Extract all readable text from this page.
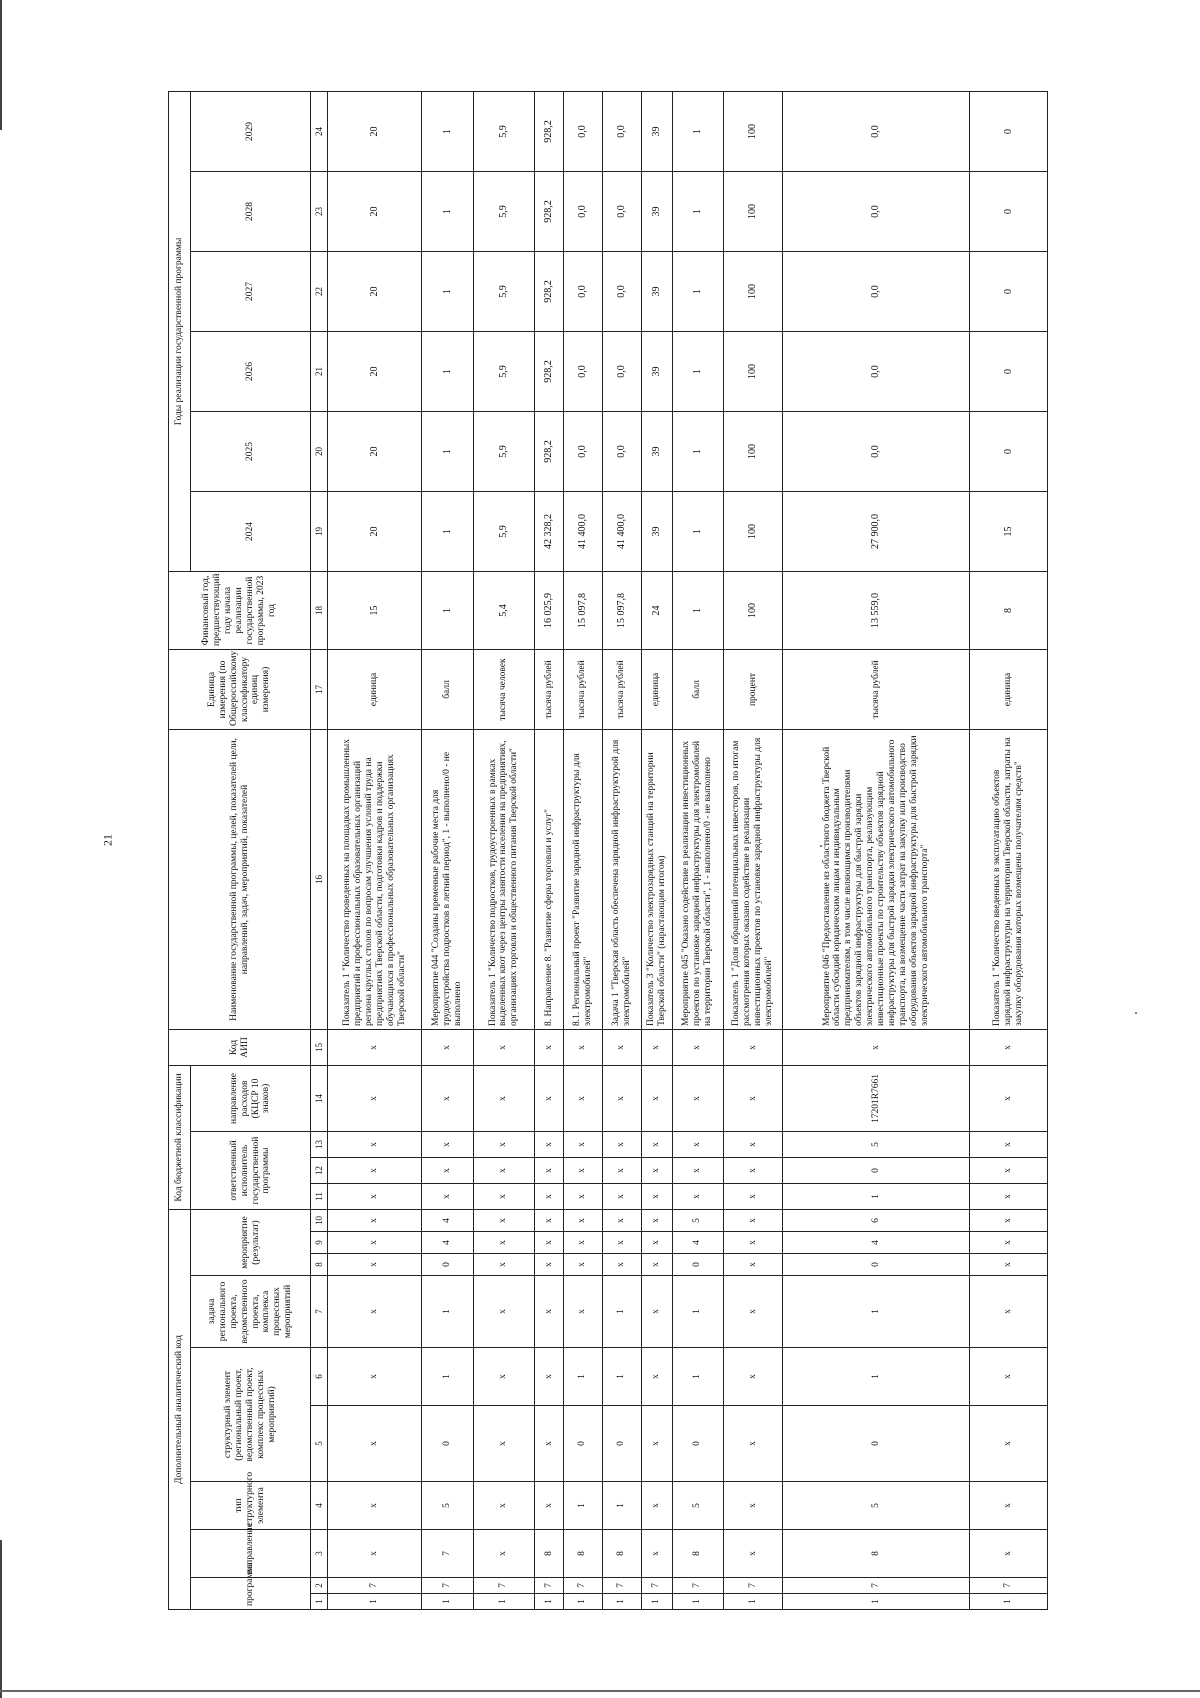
21
Дополнительный аналитический код										Код бюджетной классификации				Код АИП	Наименование государственной программы, целей, показателей цели, направлений, задач, мероприятий, показателей	Единица измерения (по Общероссийскому классификатору единиц измерения)	Финансовый год, предшествующий году начала реализации государственной программы, 2023 год	Годы реализации государственной программы					
программа		направление	тип структурного элемента	структурный элемент (региональный проект, ведомственный проект, комплекс процессных мероприятий)		задача регионального проекта, ведомственного проекта, комплекса процессных мероприятий	мероприятие (результат)			ответственный исполнитель государственной программы			направление расходов (КЦСР 10 знаков)					2024	2025	2026	2027	2028	2029
1	2	3	4	5	6	7	8	9	10	11	12	13	14	15	16	17	18	19	20	21	22	23	24
1	7	х	х	х	х	х	х	х	х	х	х	х	х	х	Показатель 1 "Количество проведенных на площадках промышленных предприятий и профессиональных образовательных организаций региона круглых столов по вопросам улучшения условий труда на предприятиях Тверской области, подготовки кадров и поддержки обучающихся в профессиональных образовательных организациях Тверской области"	единица	15	20	20	20	20	20	20
1	7	7	5	0	1	1	0	4	4	х	х	х	х	х	Мероприятие 044 "Созданы временные рабочие места для трудоустройства подростков в летний период", 1 - выполнено/0 - не выполнено	балл	1	1	1	1	1	1	1
1	7	х	х	х	х	х	х	х	х	х	х	х	х	х	Показатель 1 "Количество подростков, трудоустроенных в рамках выделенных квот через центры занятости населения на предприятиях, организациях торговли и общественного питания Тверской области"	тысяча человек	5,4	5,9	5,9	5,9	5,9	5,9	5,9
1	7	8	х	х	х	х	х	х	х	х	х	х	х	х	8. Направление 8. "Развитие сферы торговли и услуг"	тысяча рублей	16 025,9	42 328,2	928,2	928,2	928,2	928,2	928,2
1	7	8	1	0	1	х	х	х	х	х	х	х	х	х	8.1. Региональный проект "Развитие зарядной инфраструктуры для электромобилей"	тысяча рублей	15 097,8	41 400,0	0,0	0,0	0,0	0,0	0,0
1	7	8	1	0	1	1	х	х	х	х	х	х	х	х	Задача 1 "Тверская область обеспечена зарядной инфраструктурой для электромобилей"	тысяча рублей	15 097,8	41 400,0	0,0	0,0	0,0	0,0	0,0
1	7	х	х	х	х	х	х	х	х	х	х	х	х	х	Показатель 3 "Количество электрозарядных станций на территории Тверской области" (нарастающим итогом)	единица	24	39	39	39	39	39	39
1	7	8	5	0	1	1	0	4	5	х	х	х	х	х	Мероприятие 045 "Оказано содействие в реализации инвестиционных проектов по установке зарядной инфраструктуры для электромобилей на территории Тверской области", 1 - выполнено/0 - не выполнено	балл	1	1	1	1	1	1	1
1	7	х	х	х	х	х	х	х	х	х	х	х	х	х	Показатель 1 "Доля обращений потенциальных инвесторов, по итогам рассмотрения которых оказано содействие в реализации инвестиционных проектов по установке зарядной инфраструктуры для электромобилей"	процент	100	100	100	100	100	100	100
1	7	8	5	0	1	1	0	4	6	1	0	5	17201R7661	х	Мероприятие 046 "Предоставление из областного бюджета Тверской области субсидий юридическим лицам и индивидуальным предпринимателям, в том числе являющимся производителями объектов зарядной инфраструктуры для быстрой зарядки электрического автомобильного транспорта, реализующим инвестиционные проекты по строительству объектов зарядной инфраструктуры для быстрой зарядки электрического автомобильного транспорта, на возмещение части затрат на закупку или производство оборудования объектов зарядной инфраструктуры для быстрой зарядки электрического автомобильного транспорта"	тысяча рублей	13 559,0	27 900,0	0,0	0,0	0,0	0,0	0,0
1	7	х	х	х	х	х	х	х	х	х	х	х	х	х	Показатель 1 "Количество введенных в эксплуатацию объектов зарядной инфраструктуры на территории Тверской области, затраты на закупку оборудования которых возмещены получателям средств"	единица	8	15	0	0	0	0	0
